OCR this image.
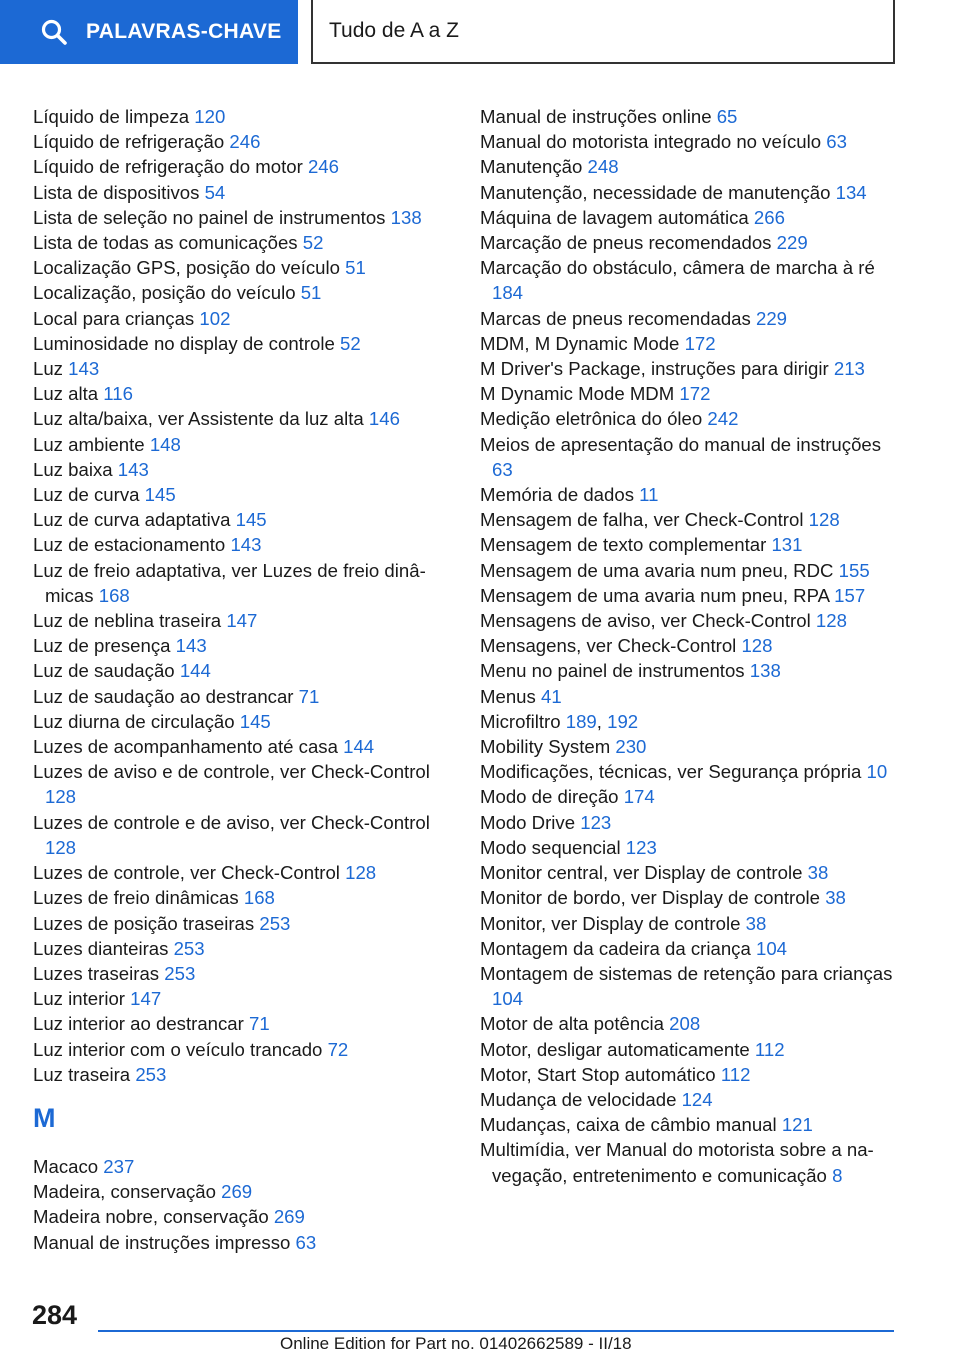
PALAVRAS-CHAVE	Tudo de A a Z
Líquido de limpeza 120
Líquido de refrigeração 246
Líquido de refrigeração do motor 246
Lista de dispositivos 54
Lista de seleção no painel de instrumentos 138
Lista de todas as comunicações 52
Localização GPS, posição do veículo 51
Localização, posição do veículo 51
Local para crianças 102
Luminosidade no display de controle 52
Luz 143
Luz alta 116
Luz alta/baixa, ver Assistente da luz alta 146
Luz ambiente 148
Luz baixa 143
Luz de curva 145
Luz de curva adaptativa 145
Luz de estacionamento 143
Luz de freio adaptativa, ver Luzes de freio dinâmicas 168
Luz de neblina traseira 147
Luz de presença 143
Luz de saudação 144
Luz de saudação ao destrancar 71
Luz diurna de circulação 145
Luzes de acompanhamento até casa 144
Luzes de aviso e de controle, ver Check-Control 128
Luzes de controle e de aviso, ver Check-Control 128
Luzes de controle, ver Check-Control 128
Luzes de freio dinâmicas 168
Luzes de posição traseiras 253
Luzes dianteiras 253
Luzes traseiras 253
Luz interior 147
Luz interior ao destrancar 71
Luz interior com o veículo trancado 72
Luz traseira 253
M
Macaco 237
Madeira, conservação 269
Madeira nobre, conservação 269
Manual de instruções impresso 63
Manual de instruções online 65
Manual do motorista integrado no veículo 63
Manutenção 248
Manutenção, necessidade de manutenção 134
Máquina de lavagem automática 266
Marcação de pneus recomendados 229
Marcação do obstáculo, câmera de marcha à ré 184
Marcas de pneus recomendadas 229
MDM, M Dynamic Mode 172
M Driver's Package, instruções para dirigir 213
M Dynamic Mode MDM 172
Medição eletrônica do óleo 242
Meios de apresentação do manual de instruções 63
Memória de dados 11
Mensagem de falha, ver Check-Control 128
Mensagem de texto complementar 131
Mensagem de uma avaria num pneu, RDC 155
Mensagem de uma avaria num pneu, RPA 157
Mensagens de aviso, ver Check-Control 128
Mensagens, ver Check-Control 128
Menu no painel de instrumentos 138
Menus 41
Microfiltro 189, 192
Mobility System 230
Modificações, técnicas, ver Segurança própria 10
Modo de direção 174
Modo Drive 123
Modo sequencial 123
Monitor central, ver Display de controle 38
Monitor de bordo, ver Display de controle 38
Monitor, ver Display de controle 38
Montagem da cadeira da criança 104
Montagem de sistemas de retenção para crianças 104
Motor de alta potência 208
Motor, desligar automaticamente 112
Motor, Start Stop automático 112
Mudança de velocidade 124
Mudanças, caixa de câmbio manual 121
Multimídia, ver Manual do motorista sobre a navegação, entretenimento e comunicação 8
284
Online Edition for Part no. 01402662589 - II/18
